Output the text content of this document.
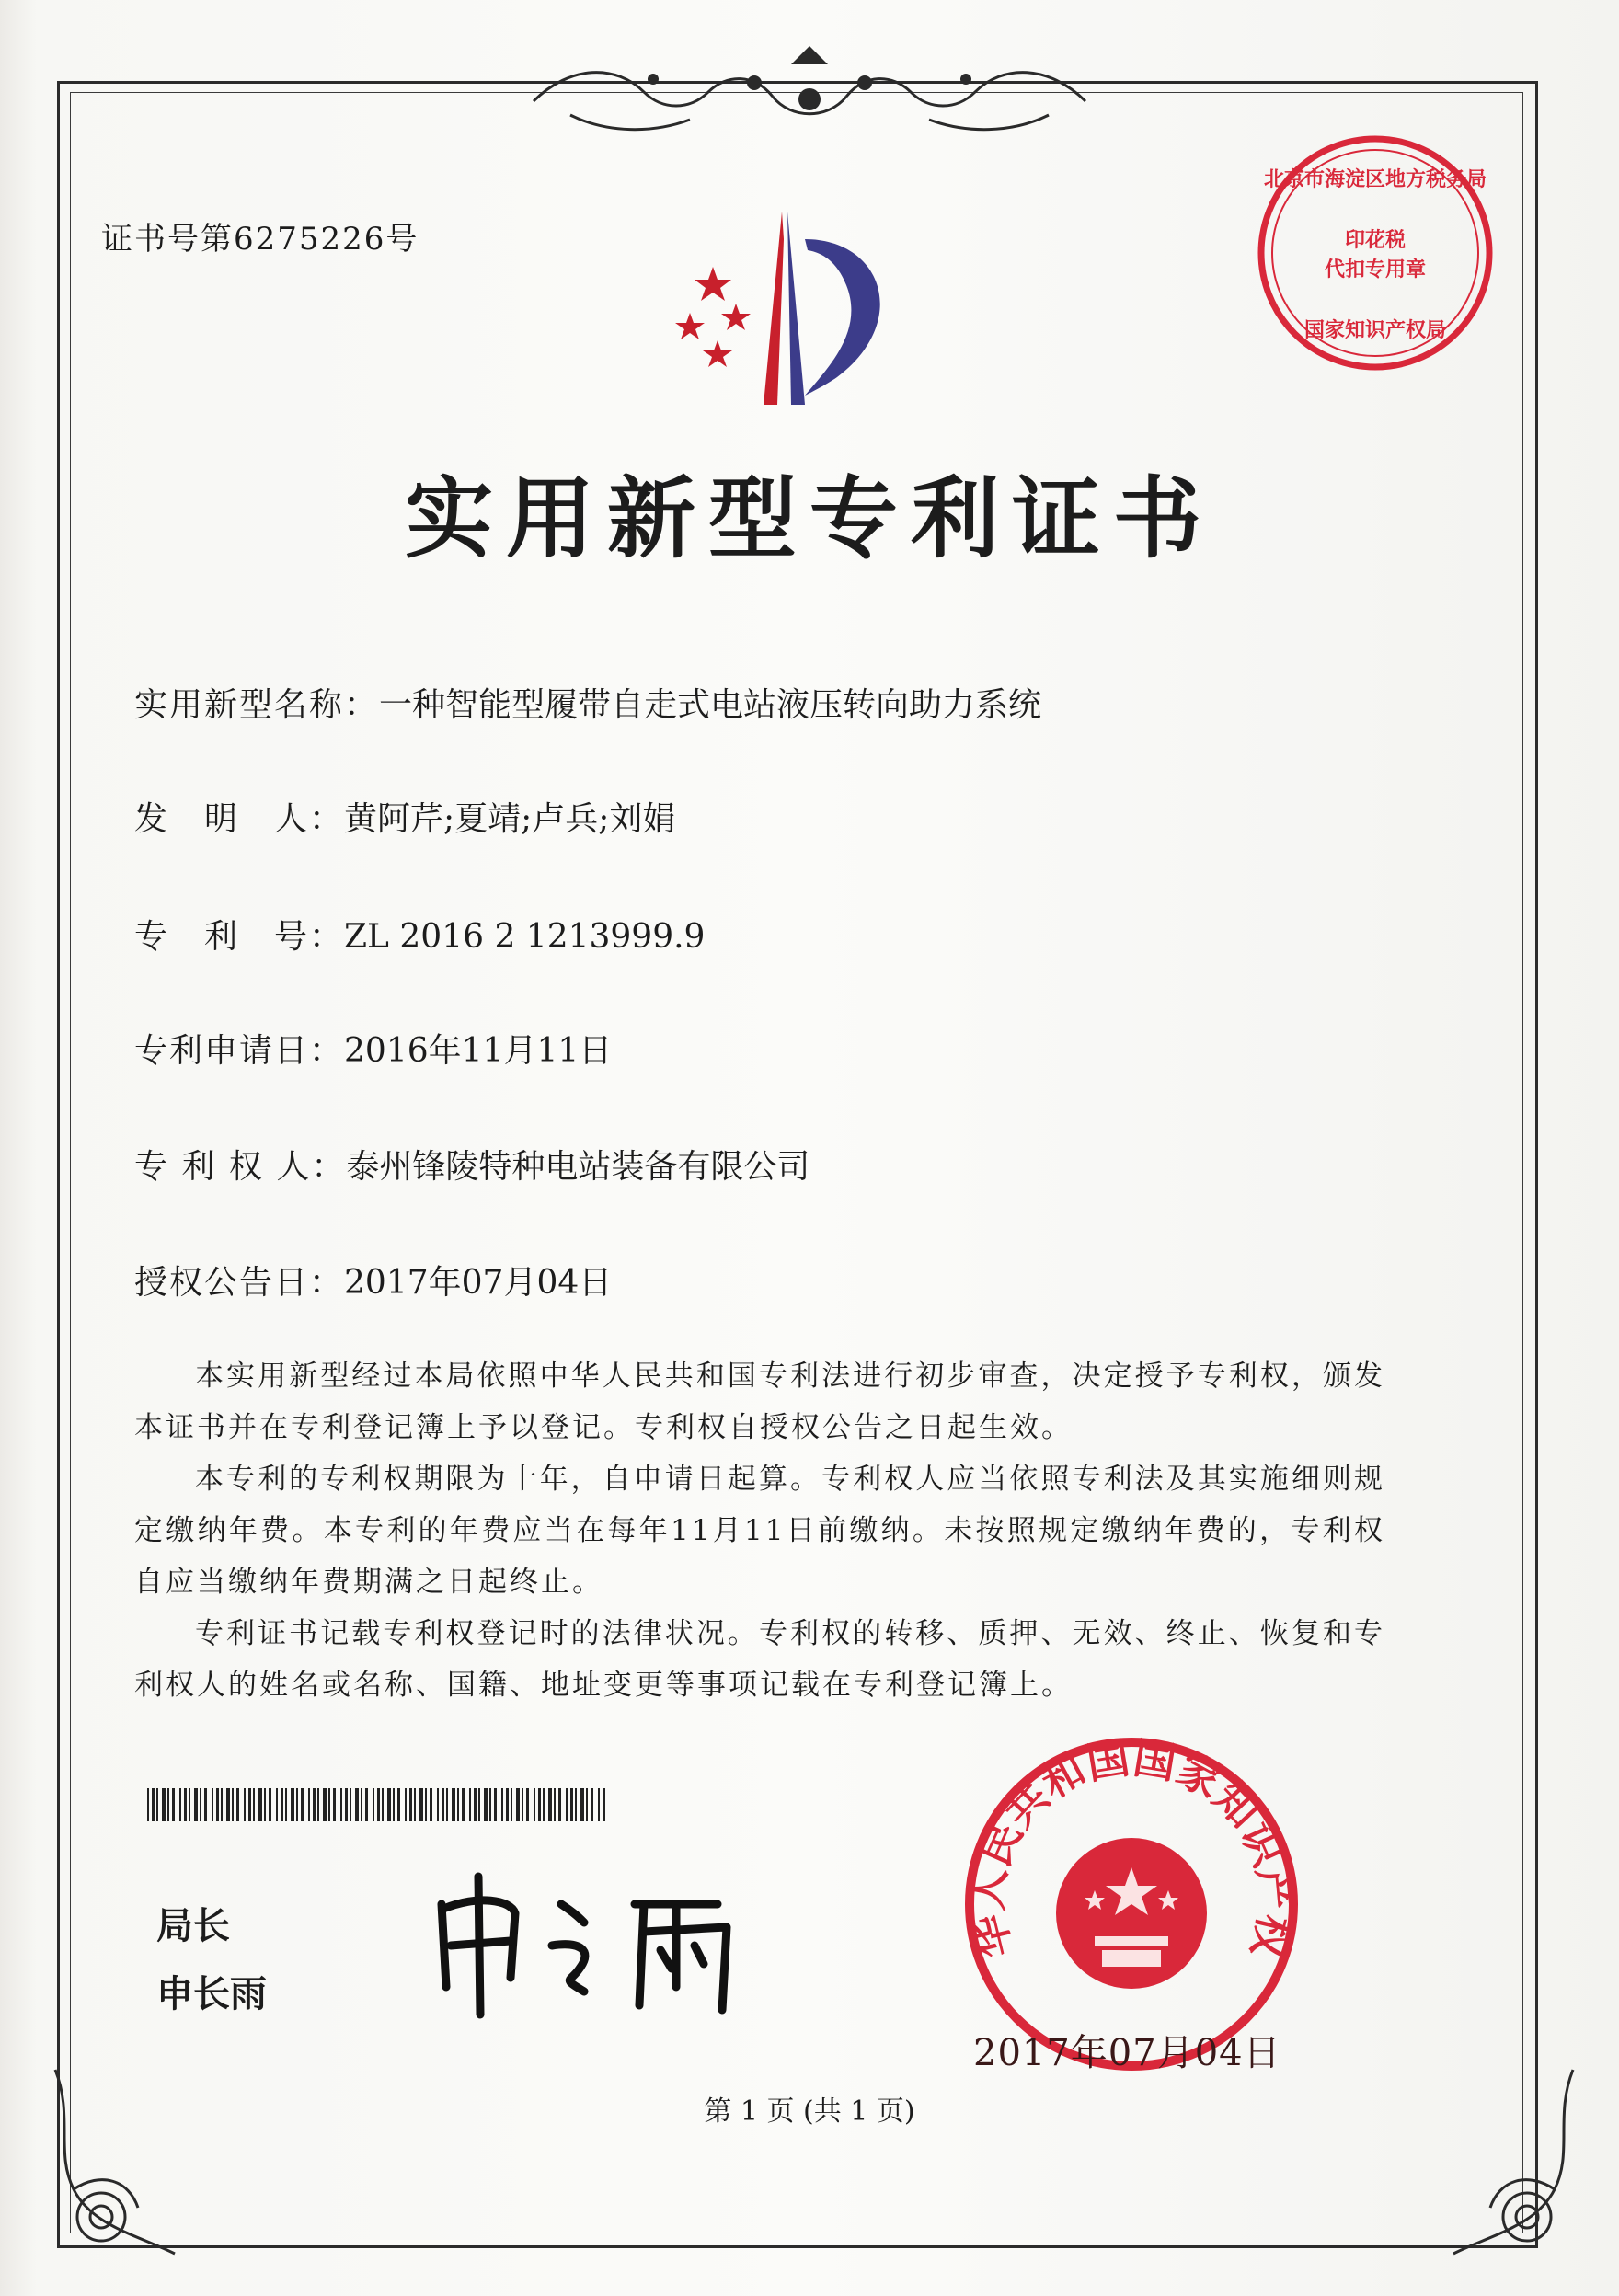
证书号第6275226号
北京市海淀区地方税务局
印花税
代扣专用章
国家知识产权局
实用新型专利证书
实用新型名称：一种智能型履带自走式电站液压转向助力系统
发　明　人：黄阿芹;夏靖;卢兵;刘娟
专　利　号：ZL 2016 2 1213999.9
专利申请日：2016年11月11日
专 利 权 人：泰州锋陵特种电站装备有限公司
授权公告日：2017年07月04日

本实用新型经过本局依照中华人民共和国专利法进行初步审查，决定授予专利权，颁发本证书并在专利登记簿上予以登记。专利权自授权公告之日起生效。

本专利的专利权期限为十年，自申请日起算。专利权人应当依照专利法及其实施细则规定缴纳年费。本专利的年费应当在每年11月11日前缴纳。未按照规定缴纳年费的，专利权自应当缴纳年费期满之日起终止。

专利证书记载专利权登记时的法律状况。专利权的转移、质押、无效、终止、恢复和专利权人的姓名或名称、国籍、地址变更等事项记载在专利登记簿上。

局长
申长雨
华人民共和国国家知识产权
2017年07月04日
第 1 页 (共 1 页)
